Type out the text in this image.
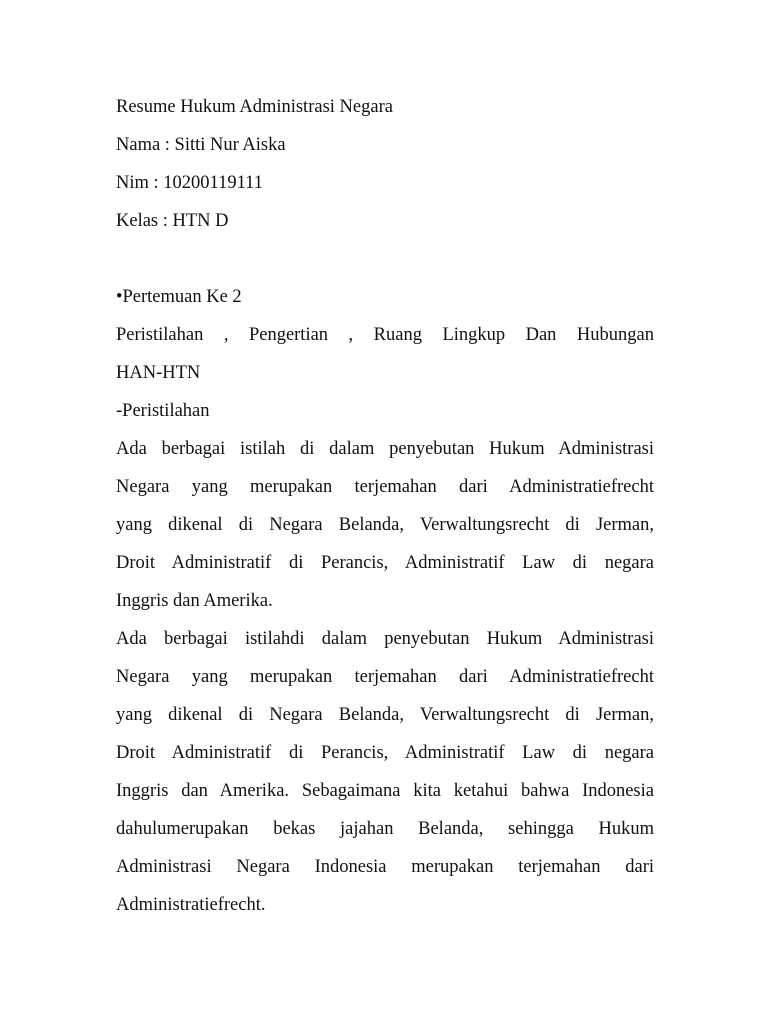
Resume Hukum Administrasi Negara
Nama : Sitti Nur Aiska
Nim : 10200119111
Kelas : HTN D
•Pertemuan Ke 2
Peristilahan , Pengertian , Ruang Lingkup Dan Hubungan
HAN-HTN
-Peristilahan
Ada berbagai istilah di dalam penyebutan Hukum Administrasi
Negara yang merupakan terjemahan dari Administratiefrecht
yang dikenal di Negara Belanda, Verwaltungsrecht di Jerman,
Droit Administratif di Perancis, Administratif Law di negara
Inggris dan Amerika.
Ada berbagai istilahdi dalam penyebutan Hukum Administrasi
Negara yang merupakan terjemahan dari Administratiefrecht
yang dikenal di Negara Belanda, Verwaltungsrecht di Jerman,
Droit Administratif di Perancis, Administratif Law di negara
Inggris dan Amerika. Sebagaimana kita ketahui bahwa Indonesia
dahulumerupakan bekas jajahan Belanda, sehingga Hukum
Administrasi Negara Indonesia merupakan terjemahan dari
Administratiefrecht.
